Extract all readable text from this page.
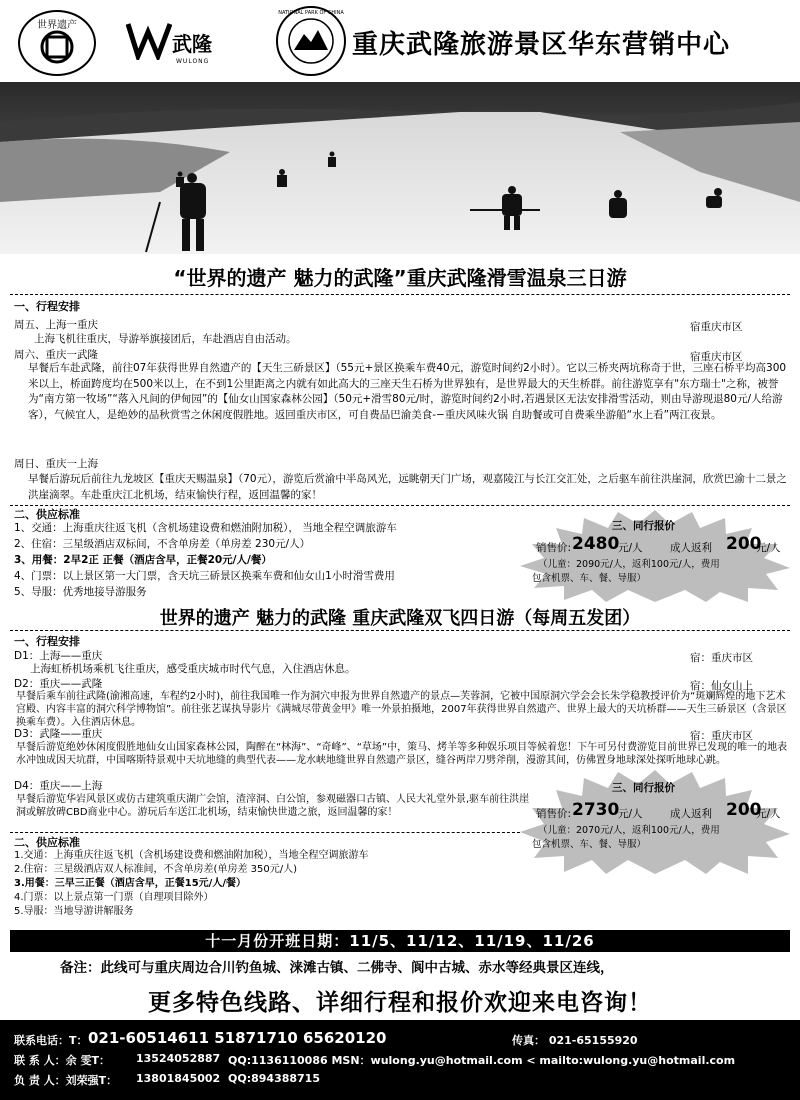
世界遗产
武隆
WULONG
NATIONAL PARK OF CHINA
重庆武隆旅游景区华东营销中心
“世界的遗产 魅力的武隆”重庆武隆滑雪温泉三日游
一、行程安排
周五、上海一重庆	宿重庆市区
上海飞机往重庆，导游举旗接团后，车赴酒店自由活动。
周六、重庆一武隆	宿重庆市区
早餐后车赴武隆，前往07年获得世界自然遗产的【天生三硚景区】（55元+景区换乘车费40元，游览时间约2小时）。它以三桥夹两坑称奇于世，三座石桥平均高300米以上，桥面跨度均在500米以上，在不到1公里距离之内就有如此高大的三座天生石桥为世界独有，是世界最大的天生桥群。前往游览享有"东方瑞士"之称，被誉为“南方第一牧场”“落入凡间的伊甸园”的【仙女山国家森林公园】（50元+滑雪80元/时，游览时间约2小时,若遇景区无法安排滑雪活动，则由导游现退80元/人给游客），气候宜人，是绝妙的品秋赏雪之休闲度假胜地。返回重庆市区，可自费品巴渝美食-−重庆风味火锅 自助餐或可自费乘坐游船“水上看”两江夜景。
周日、重庆一上海
早餐后游玩后前往九龙坡区【重庆天赐温泉】（70元），游览后赏渝中半岛风光，远眺朝天门广场，观嘉陵江与长江交汇处，之后驱车前往洪崖洞，欣赏巴渝十二景之洪崖滴翠。车赴重庆江北机场，结束愉快行程，返回温馨的家！
二、供应标准
1、交通：上海重庆往返飞机（含机场建设费和燃油附加税）， 当地全程空调旅游车
2、住宿：三星级酒店双标间，不含单房差（单房差 230元/人）
3、用餐：2早2正 正餐（酒店含早，正餐20元/人/餐）
4、门票：以上景区第一大门票，含天坑三硚景区换乘车费和仙女山1小时滑雪费用
5、导服：优秀地接导游服务
三、同行报价
销售价: 2480
元/人	成人返利 200
元/人
（儿童：2090元/人，返利100元/人，费用
包含机票、车、餐、导服）
世界的遗产 魅力的武隆 重庆武隆双飞四日游（每周五发团）
一、行程安排
D1：上海——重庆	宿：重庆市区
上海虹桥机场乘机飞往重庆，感受重庆城市时代气息，入住酒店休息。
D2：重庆——武隆	宿：仙女山上
早餐后乘车前往武隆(渝湘高速，车程约2小时)，前往我国唯一作为洞穴申报为世界自然遗产的景点—芙蓉洞，它被中国原洞穴学会会长朱学稳教授评价为“斑斓辉煌的地下艺术宫殿、内容丰富的洞穴科学博物馆”。前往张艺谋执导影片《满城尽带黄金甲》唯一外景拍摄地，2007年获得世界自然遗产、世界上最大的天坑桥群——天生三硚景区（含景区换乘车费）。入住酒店休息。
D3：武隆——重庆	宿：重庆市区
早餐后游览绝妙休闲度假胜地仙女山国家森林公园，陶醉在“林海”、“奇峰”、“草场”中，策马、烤羊等多种娱乐项目等候着您！下午可另付费游览目前世界已发现的唯一的地表水冲蚀成因天坑群，中国喀斯特景观中天坑地缝的典型代表——龙水峡地缝世界自然遗产景区，缝谷两岸刀劈斧削，漫游其间，仿佛置身地球深处探听地球心跳。
D4：重庆——上海
早餐后游览华岩风景区或仿古建筑重庆湖广会馆，渣滓洞、白公馆，参观磁器口古镇、人民大礼堂外景,驱车前往洪崖洞或解放碑CBD商业中心。游玩后车送江北机场，结束愉快世遗之旅，返回温馨的家！
二、供应标准
1.交通：上海重庆往返飞机（含机场建设费和燃油附加税），当地全程空调旅游车
2.住宿：三星级酒店双人标准间，不含单房差(单房差 350元/人)
3.用餐：三早三正餐（酒店含早，正餐15元/人/餐）
4.门票：以上景点第一门票（自理项目除外）
5.导服：当地导游讲解服务
三、同行报价
销售价: 2730
元/人	成人返利 200
元/人
（儿童：2070元/人，返利100元/人，费用
包含机票、车、餐、导服）
十一月份开班日期：11/5、11/12、11/19、11/26
备注：此线可与重庆周边合川钓鱼城、涞滩古镇、二佛寺、阆中古城、赤水等经典景区连线，
更多特色线路、详细行程和报价欢迎来电咨询！
联系电话：T： 021-60514611 51871710 65620120	传真： 021-65155920
联 系 人：余 雯T： 13524052887 QQ:1136110086 MSN：wulong.yu@hotmail.com < mailto:wulong.yu@hotmail.com
负 责 人：刘荣强T： 13801845002 QQ:894388715
